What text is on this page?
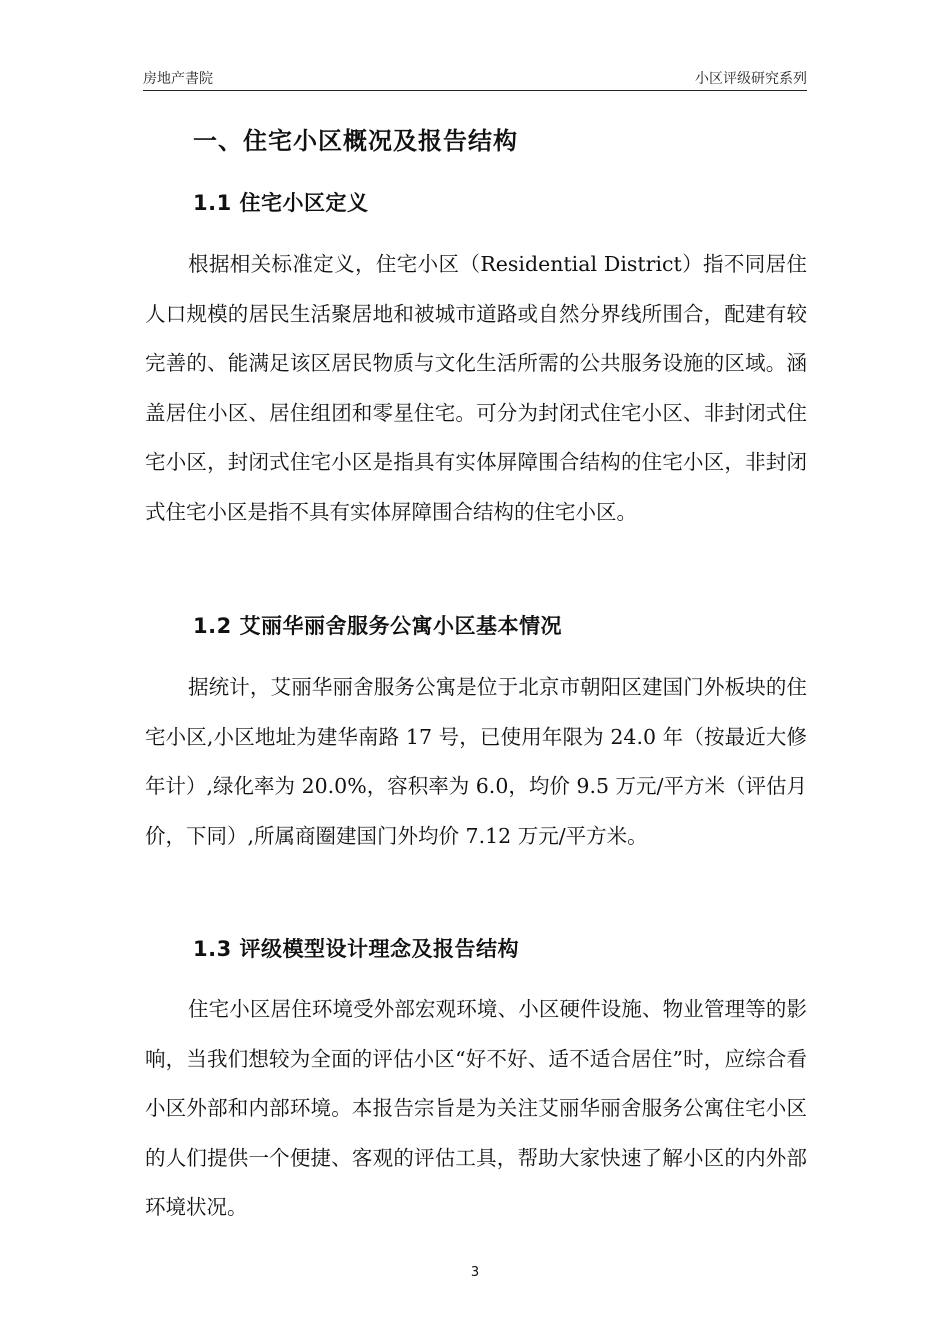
房地产書院	小区评级研究系列
一、住宅小区概况及报告结构
1.1 住宅小区定义

根据相关标准定义，住宅小区（Residential District）指不同居住人口规模的居民生活聚居地和被城市道路或自然分界线所围合，配建有较完善的、能满足该区居民物质与文化生活所需的公共服务设施的区域。涵盖居住小区、居住组团和零星住宅。可分为封闭式住宅小区、非封闭式住宅小区，封闭式住宅小区是指具有实体屏障围合结构的住宅小区，非封闭式住宅小区是指不具有实体屏障围合结构的住宅小区。

1.2 艾丽华丽舍服务公寓小区基本情况

据统计，艾丽华丽舍服务公寓是位于北京市朝阳区建国门外板块的住宅小区,小区地址为建华南路 17 号，已使用年限为 24.0 年（按最近大修年计）,绿化率为 20.0%，容积率为 6.0，均价 9.5 万元/平方米（评估月价，下同）,所属商圈建国门外均价 7.12 万元/平方米。

1.3 评级模型设计理念及报告结构

住宅小区居住环境受外部宏观环境、小区硬件设施、物业管理等的影响，当我们想较为全面的评估小区“好不好、适不适合居住”时，应综合看小区外部和内部环境。本报告宗旨是为关注艾丽华丽舍服务公寓住宅小区的人们提供一个便捷、客观的评估工具，帮助大家快速了解小区的内外部环境状况。

3
